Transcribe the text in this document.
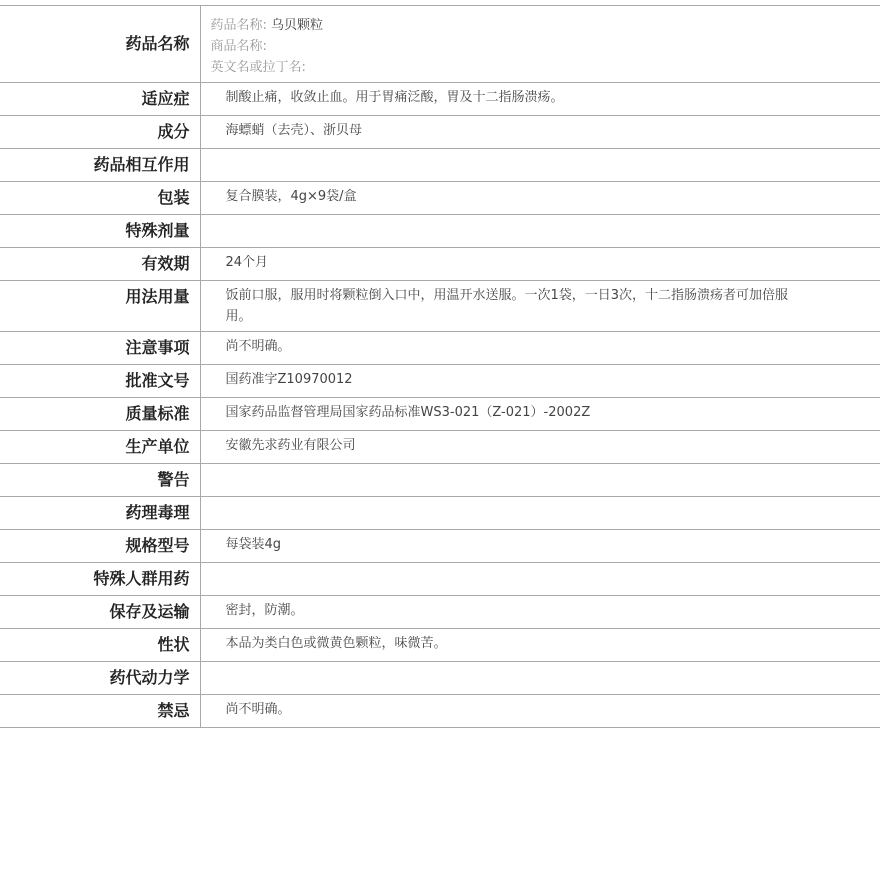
药品名称	药品名称: 乌贝颗粒
商品名称:
英文名或拉丁名:

适应症	制酸止痛，收敛止血。用于胃痛泛酸，胃及十二指肠溃疡。
成分	海螵蛸（去壳）、浙贝母
药品相互作用	
包装	复合膜装，4g×9袋/盒
特殊剂量	
有效期	24个月
用法用量	饭前口服，服用时将颗粒倒入口中，用温开水送服。一次1袋，一日3次，十二指肠溃疡者可加倍服用。
注意事项	尚不明确。
批准文号	国药准字Z10970012
质量标准	国家药品监督管理局国家药品标准WS3-021（Z-021）-2002Z
生产单位	安徽先求药业有限公司
警告	
药理毒理	
规格型号	每袋装4g
特殊人群用药	
保存及运输	密封，防潮。
性状	本品为类白色或微黄色颗粒，味微苦。
药代动力学	
禁忌	尚不明确。
